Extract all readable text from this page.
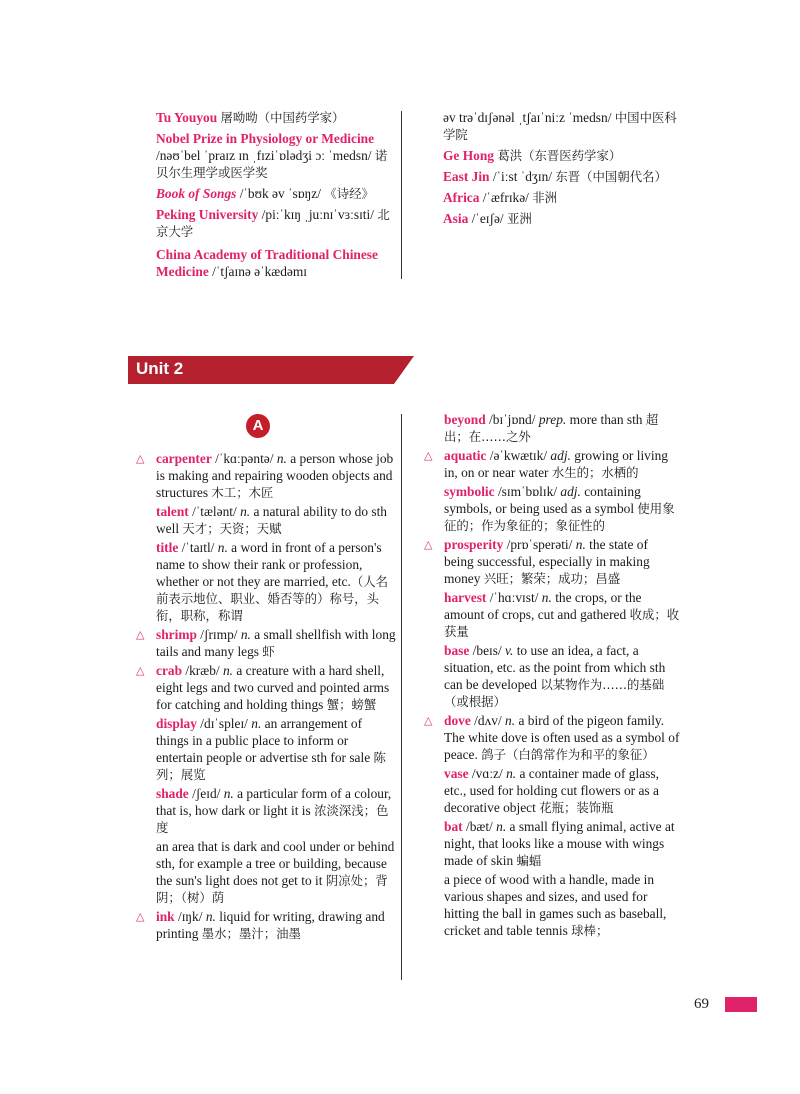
Tu Youyou 屠呦呦（中国药学家）
Nobel Prize in Physiology or Medicine
/nəʊˈbel ˈpraɪz ɪn ˌfɪziˈɒlədʒi ɔː ˈmedsn/ 诺贝尔生理学或医学奖
Book of Songs /ˈbʊk əv ˈsɒŋz/ 《诗经》
Peking University /piːˈkɪŋ ˌjuːnɪˈvɜːsɪti/ 北京大学
China Academy of Traditional Chinese Medicine /ˈtʃaɪnə əˈkædəmɪ
əv trəˈdɪʃənəl ˌtʃaɪˈniːz ˈmedsn/ 中国中医科学院
Ge Hong 葛洪（东晋医药学家）
East Jin /ˈiːst ˈdʒɪn/ 东晋（中国朝代名）
Africa /ˈæfrɪkə/ 非洲
Asia /ˈeɪʃə/ 亚洲
Unit 2
A
△ carpenter /ˈkɑːpəntə/ n. a person whose job is making and repairing wooden objects and structures 木工；木匠
talent /ˈtælənt/ n. a natural ability to do sth well 天才；天资；天赋
title /ˈtaɪtl/ n. a word in front of a person's name to show their rank or profession, whether or not they are married, etc.（人名前表示地位、职业、婚否等的）称号，头衔，职称，称谓
△ shrimp /ʃrɪmp/ n. a small shellfish with long tails and many legs 虾
△ crab /kræb/ n. a creature with a hard shell, eight legs and two curved and pointed arms for catching and holding things 蟹；螃蟹
display /dɪˈspleɪ/ n. an arrangement of things in a public place to inform or entertain people or advertise sth for sale 陈列；展览
shade /ʃeɪd/ n. a particular form of a colour, that is, how dark or light it is 浓淡深浅；色度
an area that is dark and cool under or behind sth, for example a tree or building, because the sun's light does not get to it 阴凉处；背阴；（树）荫
△ ink /ɪŋk/ n. liquid for writing, drawing and printing 墨水；墨汁；油墨
beyond /bɪˈjɒnd/ prep. more than sth 超出；在……之外
△ aquatic /əˈkwætɪk/ adj. growing or living in, on or near water 水生的；水栖的
symbolic /sɪmˈbɒlɪk/ adj. containing symbols, or being used as a symbol 使用象征的；作为象征的；象征性的
△ prosperity /prɒˈsperəti/ n. the state of being successful, especially in making money 兴旺；繁荣；成功；昌盛
harvest /ˈhɑːvɪst/ n. the crops, or the amount of crops, cut and gathered 收成；收获量
base /beɪs/ v. to use an idea, a fact, a situation, etc. as the point from which sth can be developed 以某物作为……的基础（或根据）
△ dove /dʌv/ n. a bird of the pigeon family. The white dove is often used as a symbol of peace. 鸽子（白鸽常作为和平的象征）
vase /vɑːz/ n. a container made of glass, etc., used for holding cut flowers or as a decorative object 花瓶；装饰瓶
bat /bæt/ n. a small flying animal, active at night, that looks like a mouse with wings made of skin 蝙蝠
a piece of wood with a handle, made in various shapes and sizes, and used for hitting the ball in games such as baseball, cricket and table tennis 球棒；
69
